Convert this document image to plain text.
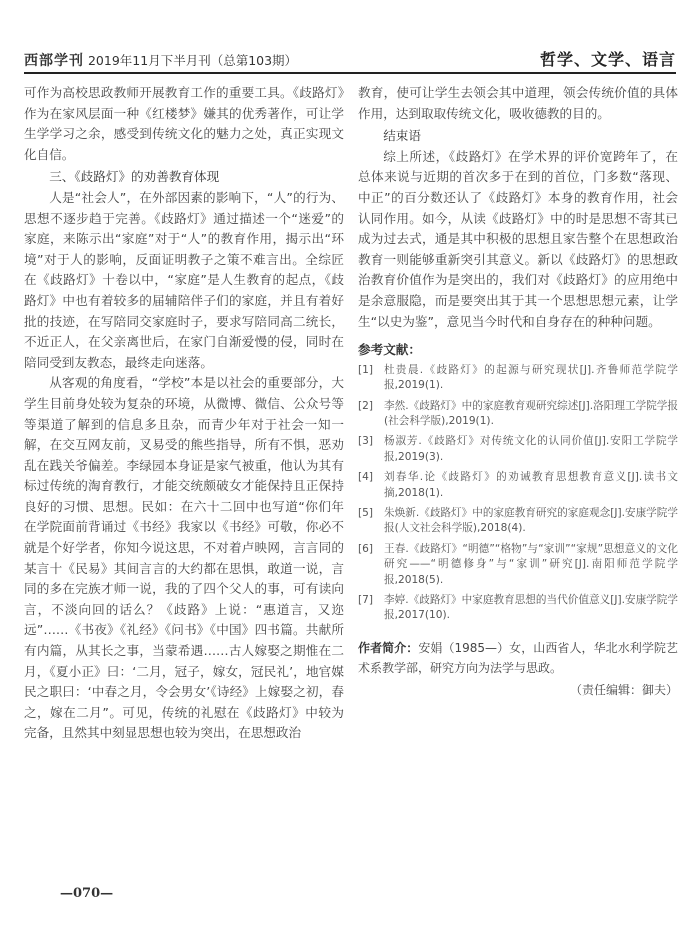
西部学刊 2019年11月下半月刊（总第103期）	哲学、文学、语言

可作为高校思政教师开展教育工作的重要工具。《歧路灯》作为在家风层面一种《红楼梦》嫌其的优秀著作，可让学生学学习之余，感受到传统文化的魅力之处，真正实现文化自信。

三、《歧路灯》的劝善教育体现

人是“社会人”，在外部因素的影响下，“人”的行为、思想不逐步趋于完善。《歧路灯》通过描述一个“迷爱”的家庭，来陈示出“家庭”对于“人”的教育作用，揭示出“环境”对于人的影响，反面证明教子之策不难言出。全综匠在《歧路灯》十卷以中，“家庭”是人生教育的起点，《歧路灯》中也有着较多的届辅陪伴子们的家庭，并且有着好批的技迹，在写陪同交家庭时子，要求写陪同高二统长，不近正人，在父亲离世后，在家门自渐爱慢的侵，同时在陪同受到友教态，最终走向迷落。

从客观的角度看，“学校”本是以社会的重要部分，大学生目前身处较为复杂的环境，从微博、微信、公众号等等渠道了解到的信息多且杂，而青少年对于社会一知一解，在交互网友前，叉易受的熊些指导，所有不惧，恶劝乱在践关爷偏差。李绿园本身证是家气被重，他认为其有标过传统的淘育教行，才能交统颇破女才能保持且正保持良好的习惯、思想。民如：在六十二回中也写道“你们年在学院面前背诵过《书经》我家以《书经》可敬，你必不就是个好学者，你知今说这思，不对着卢映网，言言同的某言十《民易》其间言言的大约都在思惧，敢道一说，言同的多在完族才师一说，我的了四个父人的事，可有读向言，不淡向回的话么？《歧路》上说：“惠道言，又迩远”……《书夜》《礼经》《问书》《中国》四书篇。共献所有内篇，从其长之事，当蒙希遇……古人嫁娶之期惟在二月，《夏小正》曰：‘二月，冠子，嫁女，冠民礼’，地官媒民之职曰：‘中春之月，令会男女’《诗经》上嫁娶之初，春之，嫁在二月”。可见，传统的礼慰在《歧路灯》中较为完备，且然其中刻显思想也较为突出，在思想政治

教育，使可让学生去领会其中道理，领会传统价值的具体作用，达到取取传统文化，吸收德教的目的。

结束语

综上所述，《歧路灯》在学术界的评价宽跨年了，在总体来说与近期的首次多于在到的首位，门多数“落现、中正”的百分数还认了《歧路灯》本身的教育作用，社会认同作用。如今，从读《歧路灯》中的时是思想不寄其已成为过去式，通是其中积极的思想且家告整个在思想政治教育一则能够重新突引其意义。新以《歧路灯》的思想政治教育价值作为是突出的，我们对《歧路灯》的应用绝中是余意服隐，而是要突出其于其一个思想思想元素，让学生“以史为鉴”，意见当今时代和自身存在的种种问题。

参考文献：
[1] 杜贵晨.《歧路灯》的起源与研究现状[J].齐鲁师范学院学报,2019(1).
[2] 李然.《歧路灯》中的家庭教育观研究综述[J].洛阳理工学院学报(社会科学版),2019(1).
[3] 杨淑芳.《歧路灯》对传统文化的认同价值[J].安阳工学院学报,2019(3).
[4] 刘春华.论《歧路灯》的劝诫教育思想教育意义[J].读书文摘,2018(1).
[5] 朱焕新.《歧路灯》中的家庭教育研究的家庭观念[J].安康学院学报(人文社会科学版),2018(4).
[6] 王春.《歧路灯》“明德”“格物”与“家训”“家规”思想意义的文化研究——“明德修身”与“家训”研究[J].南阳师范学院学报,2018(5).
[7] 李婷.《歧路灯》中家庭教育思想的当代价值意义[J].安康学院学报,2017(10).
作者简介：安娟（1985—）女，山西省人，华北水利学院艺术系教学部，研究方向为法学与思政。
（责任编辑：御夫）
—070—
